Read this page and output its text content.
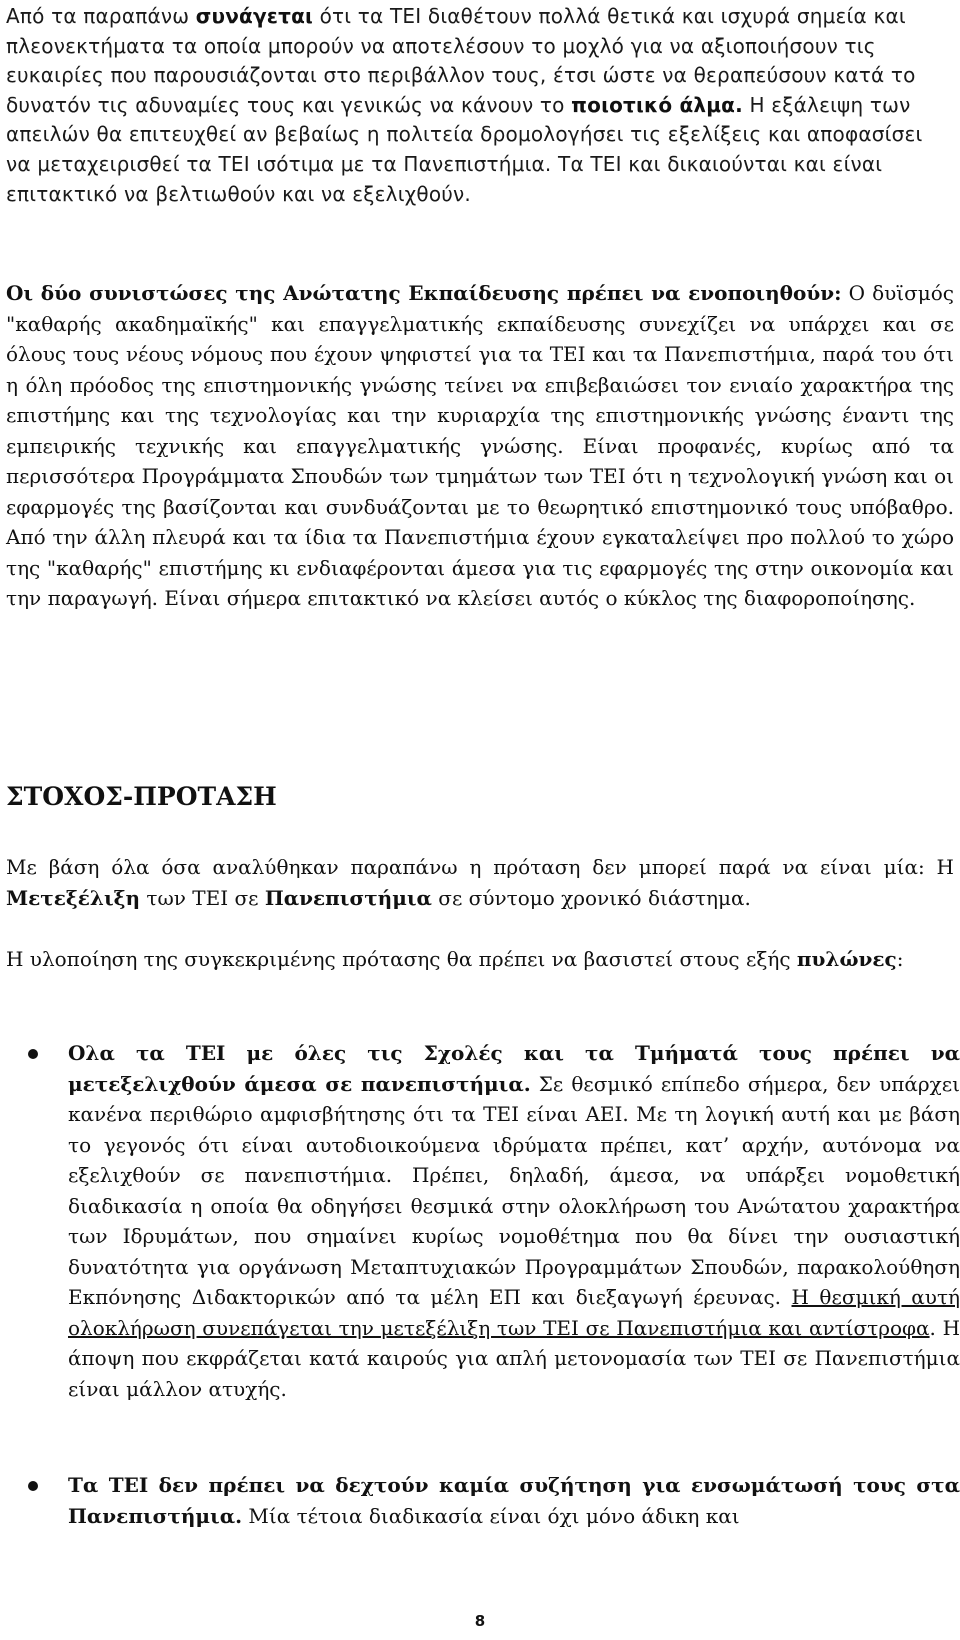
Από τα παραπάνω συνάγεται ότι τα ΤΕΙ διαθέτουν πολλά θετικά και ισχυρά σημεία και πλεονεκτήματα τα οποία μπορούν να αποτελέσουν το μοχλό για να αξιοποιήσουν τις ευκαιρίες που παρουσιάζονται στο περιβάλλον τους, έτσι ώστε να θεραπεύσουν κατά το δυνατόν τις αδυναμίες τους και γενικώς να κάνουν το ποιοτικό άλμα. Η εξάλειψη των απειλών θα επιτευχθεί αν βεβαίως η πολιτεία δρομολογήσει τις εξελίξεις και αποφασίσει να μεταχειρισθεί τα ΤΕΙ ισότιμα με τα Πανεπιστήμια. Τα ΤΕΙ και δικαιούνται και είναι επιτακτικό να βελτιωθούν και να εξελιχθούν.

Οι δύο συνιστώσες της Ανώτατης Εκπαίδευσης πρέπει να ενοποιηθούν: Ο δυϊσμός "καθαρής ακαδημαϊκής" και επαγγελματικής εκπαίδευσης συνεχίζει να υπάρχει και σε όλους τους νέους νόμους που έχουν ψηφιστεί για τα ΤΕΙ και τα Πανεπιστήμια, παρά του ότι η όλη πρόοδος της επιστημονικής γνώσης τείνει να επιβεβαιώσει τον ενιαίο χαρακτήρα της επιστήμης και της τεχνολογίας και την κυριαρχία της επιστημονικής γνώσης έναντι της εμπειρικής τεχνικής και επαγγελματικής γνώσης. Είναι προφανές, κυρίως από τα περισσότερα Προγράμματα Σπουδών των τμημάτων των ΤΕΙ ότι η τεχνολογική γνώση και οι εφαρμογές της βασίζονται και συνδυάζονται με το θεωρητικό επιστημονικό τους υπόβαθρο. Από την άλλη πλευρά και τα ίδια τα Πανεπιστήμια έχουν εγκαταλείψει προ πολλού το χώρο της "καθαρής" επιστήμης κι ενδιαφέρονται άμεσα για τις εφαρμογές της στην οικονομία και την παραγωγή. Είναι σήμερα επιτακτικό να κλείσει αυτός ο κύκλος της διαφοροποίησης.

ΣΤΟΧΟΣ-ΠΡΟΤΑΣΗ

Με βάση όλα όσα αναλύθηκαν παραπάνω η πρόταση δεν μπορεί παρά να είναι μία: Η Μετεξέλιξη των ΤΕΙ σε Πανεπιστήμια σε σύντομο χρονικό διάστημα.

Η υλοποίηση της συγκεκριμένης πρότασης θα πρέπει να βασιστεί στους εξής πυλώνες:

Ολα τα ΤΕΙ με όλες τις Σχολές και τα Τμήματά τους πρέπει να μετεξελιχθούν άμεσα σε πανεπιστήμια. Σε θεσμικό επίπεδο σήμερα, δεν υπάρχει κανένα περιθώριο αμφισβήτησης ότι τα ΤΕΙ είναι ΑΕΙ. Με τη λογική αυτή και με βάση το γεγονός ότι είναι αυτοδιοικούμενα ιδρύματα πρέπει, κατ’ αρχήν, αυτόνομα να εξελιχθούν σε πανεπιστήμια. Πρέπει, δηλαδή, άμεσα, να υπάρξει νομοθετική διαδικασία η οποία θα οδηγήσει θεσμικά στην ολοκλήρωση του Ανώτατου χαρακτήρα των Ιδρυμάτων, που σημαίνει κυρίως νομοθέτημα που θα δίνει την ουσιαστική δυνατότητα για οργάνωση Μεταπτυχιακών Προγραμμάτων Σπουδών, παρακολούθηση Εκπόνησης Διδακτορικών από τα μέλη ΕΠ και διεξαγωγή έρευνας. Η θεσμική αυτή ολοκλήρωση συνεπάγεται την μετεξέλιξη των ΤΕΙ σε Πανεπιστήμια και αντίστροφα. Η άποψη που εκφράζεται κατά καιρούς για απλή μετονομασία των ΤΕΙ σε Πανεπιστήμια είναι μάλλον ατυχής.

Τα ΤΕΙ δεν πρέπει να δεχτούν καμία συζήτηση για ενσωμάτωσή τους στα Πανεπιστήμια. Μία τέτοια διαδικασία είναι όχι μόνο άδικη και

8
